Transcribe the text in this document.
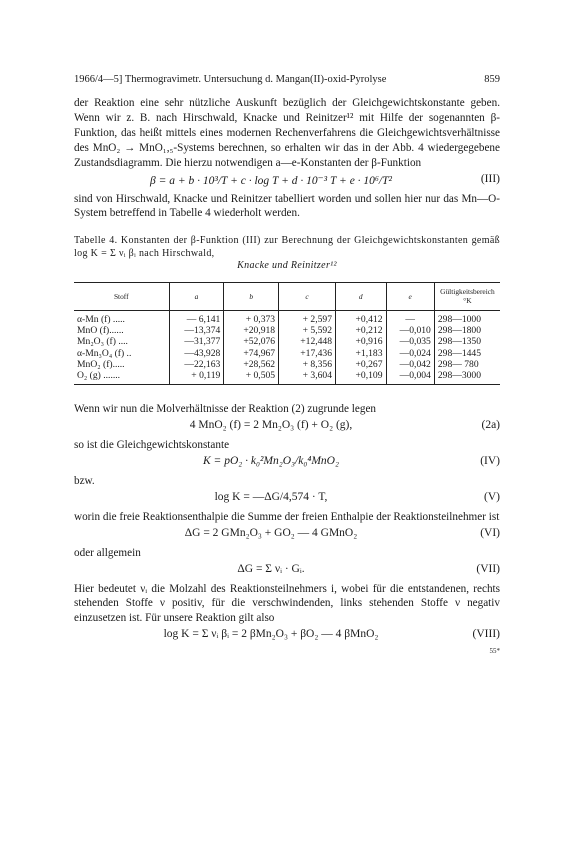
1966/4—5] Thermogravimetr. Untersuchung d. Mangan(II)-oxid-Pyrolyse	859

der Reaktion eine sehr nützliche Auskunft bezüglich der Gleichgewichtskonstante geben. Wenn wir z. B. nach Hirschwald, Knacke und Reinitzer¹² mit Hilfe der sogenannten β-Funktion, das heißt mittels eines modernen Rechenverfahrens die Gleichgewichtsverhältnisse des MnO₂ → MnO₁,₅-Systems berechnen, so erhalten wir das in der Abb. 4 wiedergegebene Zustandsdiagramm. Die hierzu notwendigen a—e-Konstanten der β-Funktion

β = a + b · 10³/T + c · log T + d · 10⁻³ T + e · 10⁶/T²	(III)

sind von Hirschwald, Knacke und Reinitzer tabelliert worden und sollen hier nur das Mn—O-System betreffend in Tabelle 4 wiederholt werden.

Tabelle 4. Konstanten der β-Funktion (III) zur Berechnung der Gleichgewichtskonstanten gemäß log K = Σ νᵢ βᵢ nach Hirschwald,
Knacke und Reinitzer¹²
Stoff	a	b	c	d	e	Gültigkeitsbereich °K
α-Mn (f) .....	— 6,141	+ 0,373	+ 2,597	+0,412	—	298—1000
MnO (f)......	—13,374	+20,918	+ 5,592	+0,212	—0,010	298—1800
Mn₂O₃ (f) ....	—31,377	+52,076	+12,448	+0,916	—0,035	298—1350
α-Mn₃O₄ (f) ..	—43,928	+74,967	+17,436	+1,183	—0,024	298—1445
MnO₂ (f).....	—22,163	+28,562	+ 8,356	+0,267	—0,042	298— 780
O₂ (g) .......	+ 0,119	+ 0,505	+ 3,604	+0,109	—0,004	298—3000

Wenn wir nun die Molverhältnisse der Reaktion (2) zugrunde legen

4 MnO₂ (f) = 2 Mn₂O₃ (f) + O₂ (g),	(2a)

so ist die Gleichgewichtskonstante

K = pO₂ · k₀²Mn₂O₃/k₀⁴MnO₂	(IV)

bzw.

log K = —ΔG/4,574 · T,	(V)

worin die freie Reaktionsenthalpie die Summe der freien Enthalpie der Reaktionsteilnehmer ist

ΔG = 2 GMn₂O₃ + GO₂ — 4 GMnO₂	(VI)

oder allgemein

ΔG = Σ νᵢ · Gᵢ.	(VII)

Hier bedeutet νᵢ die Molzahl des Reaktionsteilnehmers i, wobei für die entstandenen, rechts stehenden Stoffe ν positiv, für die verschwindenden, links stehenden Stoffe ν negativ einzusetzen ist. Für unsere Reaktion gilt also

log K = Σ νᵢ βᵢ = 2 βMn₂O₃ + βO₂ — 4 βMnO₂	(VIII)
55*
